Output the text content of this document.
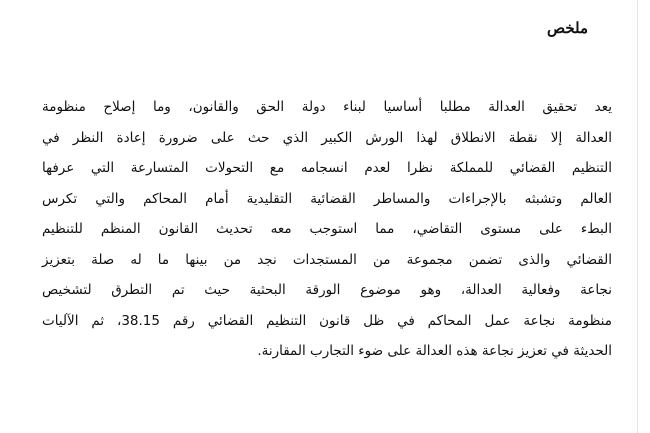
ملخص
يعد تحقيق العدالة مطلبا أساسيا لبناء دولة الحق والقانون، وما إصلاح منظومة
العدالة إلا نقطة الانطلاق لهذا الورش الكبير الذي حث على ضرورة إعادة النظر في
التنظيم القضائي للمملكة نظرا لعدم انسجامه مع التحولات المتسارعة التي عرفها
العالم وتشبثه بالإجراءات والمساطر القضائية التقليدية أمام المحاكم والتي تكرس
البطء على مستوى التقاضي، مما استوجب معه تحديث القانون المنظم للتنظيم
القضائي والذى تضمن مجموعة من المستجدات نجد من بينها ما له صلة بتعزيز
نجاعة وفعالية العدالة، وهو موضوع الورقة البحثية حيث تم التطرق لتشخيص
منظومة نجاعة عمل المحاكم في ظل قانون التنظيم القضائي رقم 38.15، ثم الآليات
الحديثة في تعزيز نجاعة هذه العدالة على ضوء التجارب المقارنة.
